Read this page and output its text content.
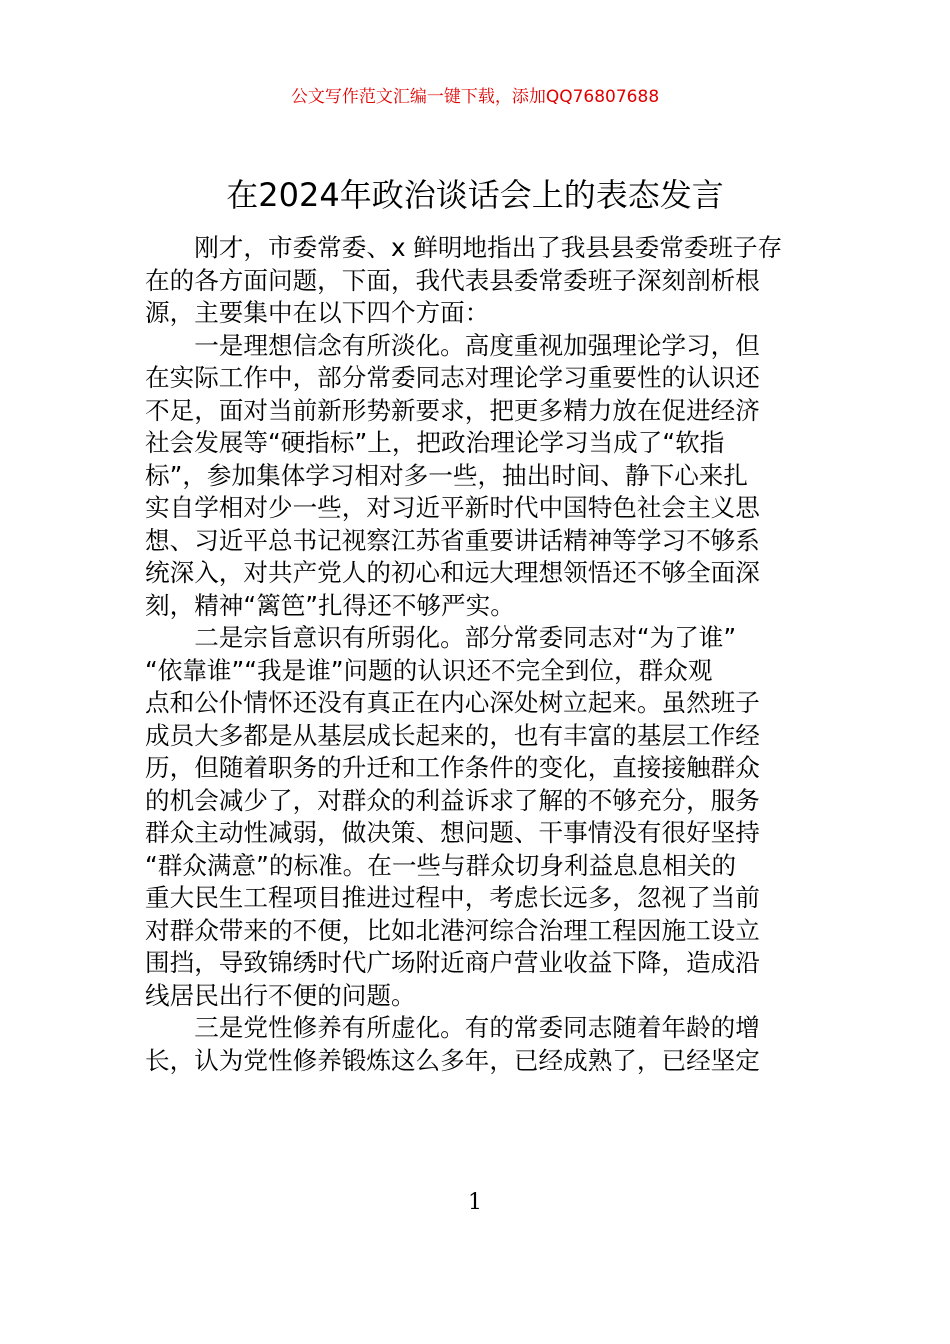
公文写作范文汇编一键下载，添加QQ76807688
在2024年政治谈话会上的表态发言
　　刚才，市委常委、x 鲜明地指出了我县县委常委班子存
在的各方面问题，下面，我代表县委常委班子深刻剖析根
源，主要集中在以下四个方面：
　　一是理想信念有所淡化。高度重视加强理论学习，但
在实际工作中，部分常委同志对理论学习重要性的认识还
不足，面对当前新形势新要求，把更多精力放在促进经济
社会发展等“硬指标”上，把政治理论学习当成了“软指
标”，参加集体学习相对多一些，抽出时间、静下心来扎
实自学相对少一些，对习近平新时代中国特色社会主义思
想、习近平总书记视察江苏省重要讲话精神等学习不够系
统深入，对共产党人的初心和远大理想领悟还不够全面深
刻，精神“篱笆”扎得还不够严实。
　　二是宗旨意识有所弱化。部分常委同志对“为了谁”
“依靠谁”“我是谁”问题的认识还不完全到位，群众观
点和公仆情怀还没有真正在内心深处树立起来。虽然班子
成员大多都是从基层成长起来的，也有丰富的基层工作经
历，但随着职务的升迁和工作条件的变化，直接接触群众
的机会减少了，对群众的利益诉求了解的不够充分，服务
群众主动性减弱，做决策、想问题、干事情没有很好坚持
“群众满意”的标准。在一些与群众切身利益息息相关的
重大民生工程项目推进过程中，考虑长远多，忽视了当前
对群众带来的不便，比如北港河综合治理工程因施工设立
围挡，导致锦绣时代广场附近商户营业收益下降，造成沿
线居民出行不便的问题。
　　三是党性修养有所虚化。有的常委同志随着年龄的增
长，认为党性修养锻炼这么多年，已经成熟了，已经坚定
1
